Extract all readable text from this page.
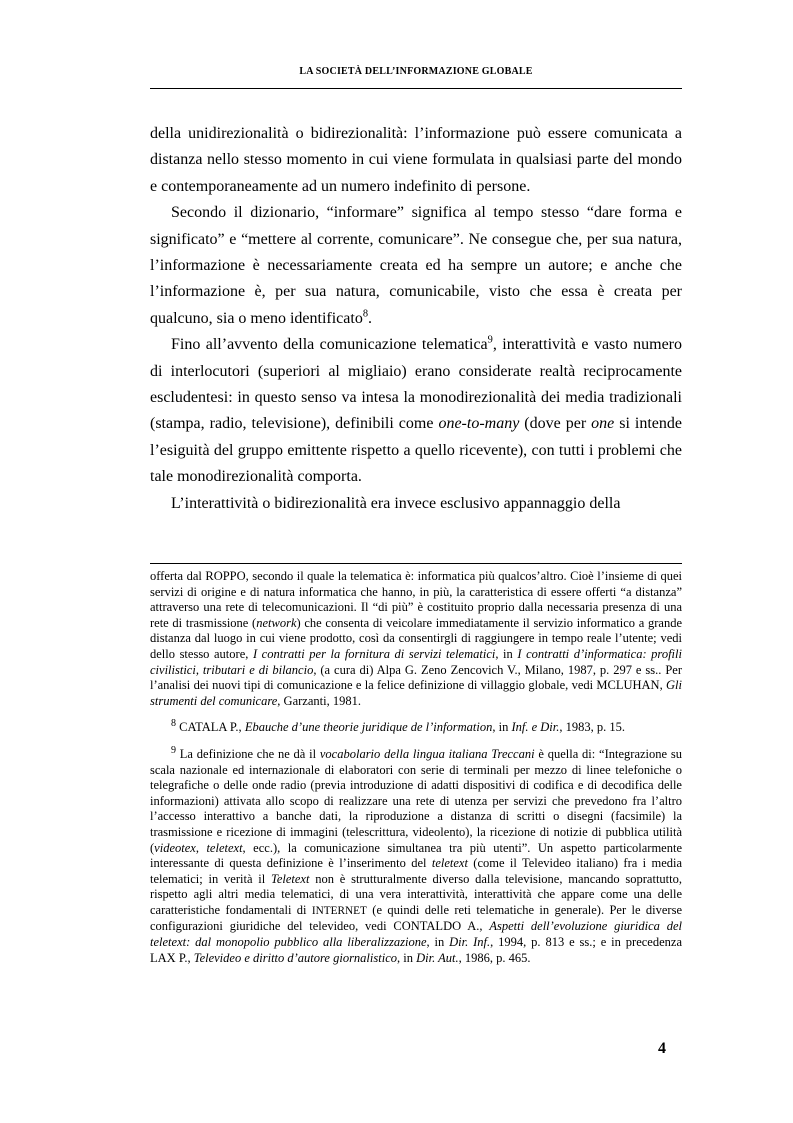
LA SOCIETÀ DELL’INFORMAZIONE GLOBALE

della unidirezionalità o bidirezionalità: l’informazione può essere comunicata a distanza nello stesso momento in cui viene formulata in qualsiasi parte del mondo e contemporaneamente ad un numero indefinito di persone.

Secondo il dizionario, “informare” significa al tempo stesso “dare forma e significato” e “mettere al corrente, comunicare”. Ne consegue che, per sua natura, l’informazione è necessariamente creata ed ha sempre un autore; e anche che l’informazione è, per sua natura, comunicabile, visto che essa è creata per qualcuno, sia o meno identificato$^8$.

Fino all’avvento della comunicazione telematica$^9$, interattività e vasto numero di interlocutori (superiori al migliaio) erano considerate realtà reciprocamente escludentesi: in questo senso va intesa la monodirezionalità dei media tradizionali (stampa, radio, televisione), definibili come one-to-many (dove per one si intende l’esiguità del gruppo emittente rispetto a quello ricevente), con tutti i problemi che tale monodirezionalità comporta.

L’interattività o bidirezionalità era invece esclusivo appannaggio della

offerta dal ROPPO, secondo il quale la telematica è: informatica più qualcos’altro. Cioè l’insieme di quei servizi di origine e di natura informatica che hanno, in più, la caratteristica di essere offerti “a distanza” attraverso una rete di telecomunicazioni. Il “di più” è costituito proprio dalla necessaria presenza di una rete di trasmissione (network) che consenta di veicolare immediatamente il servizio informatico a grande distanza dal luogo in cui viene prodotto, così da consentirgli di raggiungere in tempo reale l’utente; vedi dello stesso autore, I contratti per la fornitura di servizi telematici, in I contratti d’informatica: profili civilistici, tributari e di bilancio, (a cura di) Alpa G. Zeno Zencovich V., Milano, 1987, p. 297 e ss.. Per l’analisi dei nuovi tipi di comunicazione e la felice definizione di villaggio globale, vedi MCLUHAN, Gli strumenti del comunicare, Garzanti, 1981.

$^8$ CATALA P., Ebauche d’une theorie juridique de l’information, in Inf. e Dir., 1983, p. 15.

$^9$ La definizione che ne dà il vocabolario della lingua italiana Treccani è quella di: “Integrazione su scala nazionale ed internazionale di elaboratori con serie di terminali per mezzo di linee telefoniche o telegrafiche o delle onde radio (previa introduzione di adatti dispositivi di codifica e di decodifica delle informazioni) attivata allo scopo di realizzare una rete di utenza per servizi che prevedono fra l’altro l’accesso interattivo a banche dati, la riproduzione a distanza di scritti o disegni (facsimile) la trasmissione e ricezione di immagini (telescrittura, videolento), la ricezione di notizie di pubblica utilità (videotex, teletext, ecc.), la comunicazione simultanea tra più utenti”. Un aspetto particolarmente interessante di questa definizione è l’inserimento del teletext (come il Televideo italiano) fra i media telematici; in verità il Teletext non è strutturalmente diverso dalla televisione, mancando soprattutto, rispetto agli altri media telematici, di una vera interattività, interattività che appare come una delle caratteristiche fondamentali di INTERNET (e quindi delle reti telematiche in generale). Per le diverse configurazioni giuridiche del televideo, vedi CONTALDO A., Aspetti dell’evoluzione giuridica del teletext: dal monopolio pubblico alla liberalizzazione, in Dir. Inf., 1994, p. 813 e ss.; e in precedenza LAX P., Televideo e diritto d’autore giornalistico, in Dir. Aut., 1986, p. 465.

4
